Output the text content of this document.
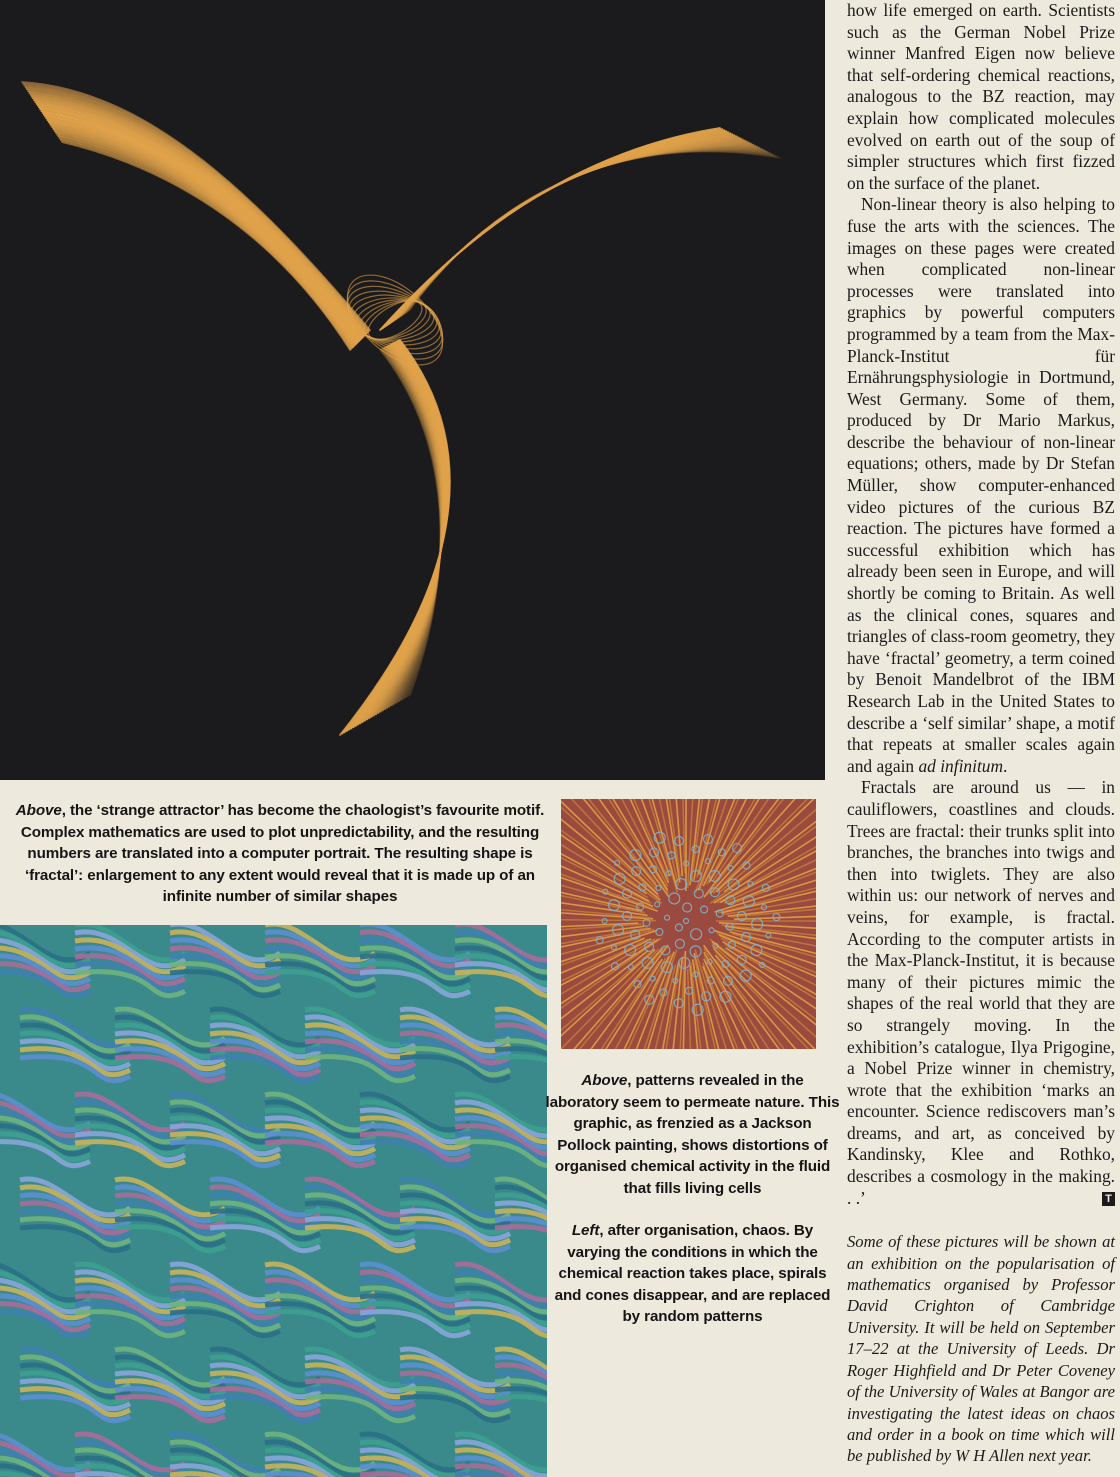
Above, the ‘strange attractor’ has become the chaologist’s favourite motif. Complex mathematics are used to plot unpredictability, and the resulting numbers are translated into a computer portrait. The resulting shape is ‘fractal’: enlargement to any extent would reveal that it is made up of an infinite number of similar shapes
Above, patterns revealed in the laboratory seem to permeate nature. This graphic, as frenzied as a Jackson Pollock painting, shows distortions of organised chemical activity in the fluid that fills living cells
Left, after organisation, chaos. By varying the conditions in which the chemical reaction takes place, spirals and cones disappear, and are replaced by random patterns

how life emerged on earth. Scientists such as the German Nobel Prize winner Manfred Eigen now believe that self-ordering chemical reactions, analogous to the BZ reaction, may explain how complicated molecules evolved on earth out of the soup of simpler structures which first fizzed on the surface of the planet.

Non-linear theory is also helping to fuse the arts with the sciences. The images on these pages were created when complicated non-linear processes were translated into graphics by powerful computers programmed by a team from the Max-Planck-Institut für Ernährungsphysiologie in Dortmund, West Germany. Some of them, produced by Dr Mario Markus, describe the behaviour of non-linear equations; others, made by Dr Stefan Müller, show computer-enhanced video pictures of the curious BZ reaction. The pictures have formed a successful exhibition which has already been seen in Europe, and will shortly be coming to Britain. As well as the clinical cones, squares and triangles of class-room geometry, they have ‘fractal’ geometry, a term coined by Benoit Mandelbrot of the IBM Research Lab in the United States to describe a ‘self similar’ shape, a motif that repeats at smaller scales again and again ad infinitum.

Fractals are around us — in cauliflowers, coastlines and clouds. Trees are fractal: their trunks split into branches, the branches into twigs and then into twiglets. They are also within us: our network of nerves and veins, for example, is fractal. According to the computer artists in the Max-Planck-Institut, it is because many of their pictures mimic the shapes of the real world that they are so strangely moving. In the exhibition’s catalogue, Ilya Prigogine, a Nobel Prize winner in chemistry, wrote that the exhibition ‘marks an encounter. Science rediscovers man’s dreams, and art, as conceived by Kandinsky, Klee and Rothko, describes a cosmology in the making. . .’	T

Some of these pictures will be shown at an exhibition on the popularisation of mathematics organised by Professor David Crighton of Cambridge University. It will be held on September 17–22 at the University of Leeds. Dr Roger Highfield and Dr Peter Coveney of the University of Wales at Bangor are investigating the latest ideas on chaos and order in a book on time which will be published by W H Allen next year.
